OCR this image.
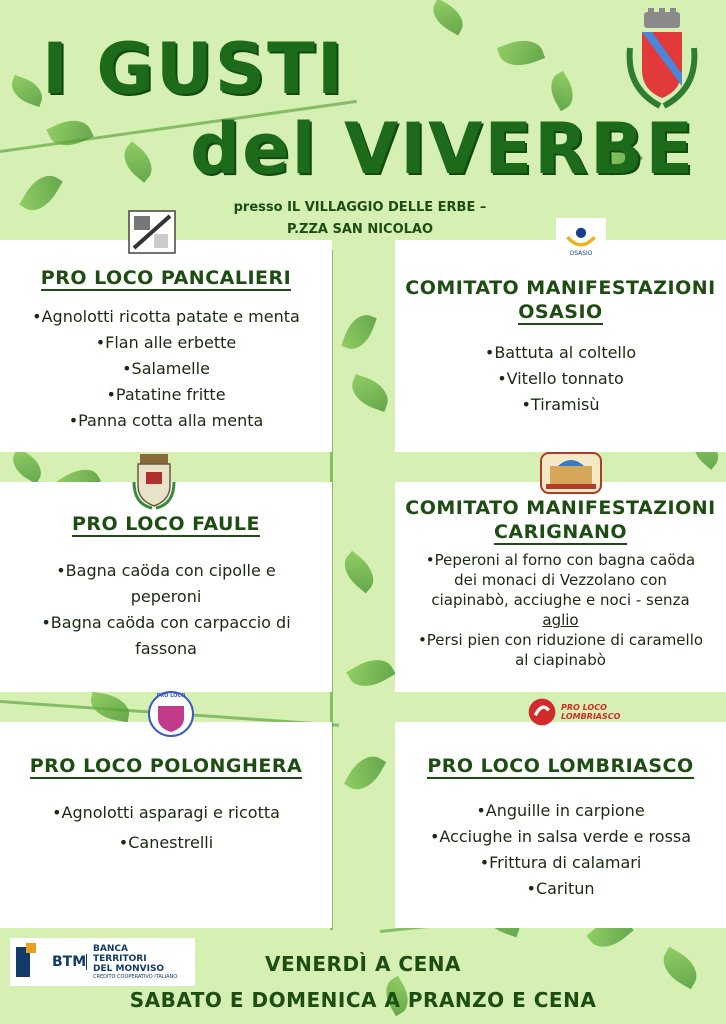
I GUSTI
del VIVERBE
presso IL VILLAGGIO DELLE ERBE –
P.ZZA SAN NICOLAO
PRO LOCO PANCALIERI
•Agnolotti ricotta patate e menta
•Flan alle erbette
•Salamelle
•Patatine fritte
•Panna cotta alla menta
COMITATO MANIFESTAZIONI
OSASIO
•Battuta al coltello
•Vitello tonnato
•Tiramisù
OSASIO
PRO LOCO FAULE
•Bagna caöda con cipolle e
peperoni
•Bagna caöda con carpaccio di
fassona
COMITATO MANIFESTAZIONI
CARIGNANO
•Peperoni al forno con bagna caöda
dei monaci di Vezzolano con
ciapinabò, acciughe e noci - senza
aglio
•Persi pien con riduzione di caramello
al ciapinabò
PRO LOCO POLONGHERA
•Agnolotti asparagi e ricotta
•Canestrelli
PRO LOCO
PRO LOCO LOMBRIASCO
•Anguille in carpione
•Acciughe in salsa verde e rossa
•Frittura di calamari
•Caritun
PRO LOCO LOMBRIASCO
VENERDÌ A CENA
SABATO E DOMENICA A PRANZO E CENA
BTM
BANCA
TERRITORI
DEL MONVISO
CREDITO COOPERATIVO ITALIANO
